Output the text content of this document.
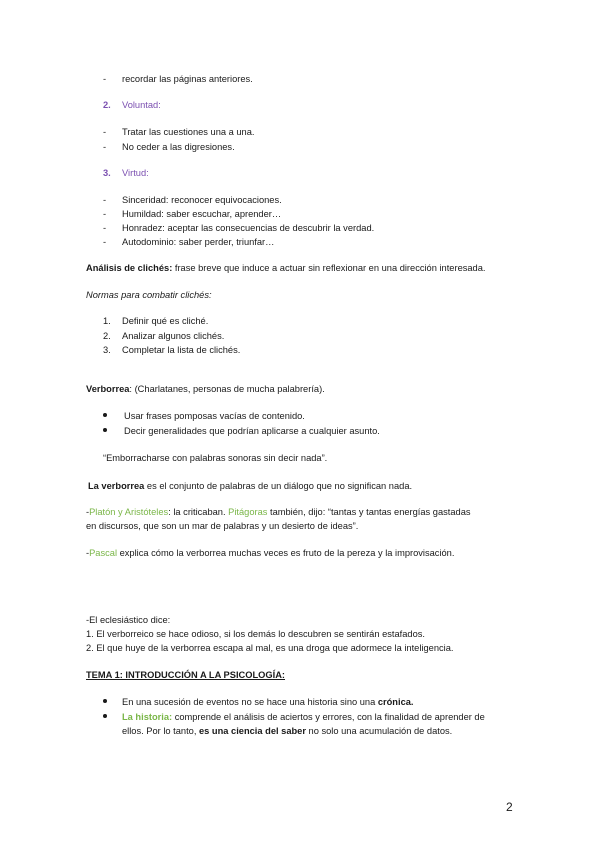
- recordar las páginas anteriores.
2. Voluntad:
- Tratar las cuestiones una a una.
- No ceder a las digresiones.
3. Virtud:
- Sinceridad: reconocer equivocaciones.
- Humildad: saber escuchar, aprender…
- Honradez: aceptar las consecuencias de descubrir la verdad.
- Autodominio: saber perder, triunfar…
Análisis de clichés: frase breve que induce a actuar sin reflexionar en una dirección interesada.
Normas para combatir clichés:
1. Definir qué es cliché.
2. Analizar algunos clichés.
3. Completar la lista de clichés.
Verborrea: (Charlatanes, personas de mucha palabrería).
Usar frases pomposas vacías de contenido.
Decir generalidades que podrían aplicarse a cualquier asunto.
“Emborracharse con palabras sonoras sin decir nada”.
La verborrea es el conjunto de palabras de un diálogo que no significan nada.
-Platón y Aristóteles: la criticaban. Pitágoras también, dijo: “tantas y tantas energías gastadas
en discursos, que son un mar de palabras y un desierto de ideas”.
-Pascal explica cómo la verborrea muchas veces es fruto de la pereza y la improvisación.
-El eclesiástico dice:
1. El verborreico se hace odioso, si los demás lo descubren se sentirán estafados.
2. El que huye de la verborrea escapa al mal, es una droga que adormece la inteligencia.
TEMA 1: INTRODUCCIÓN A LA PSICOLOGÍA:
En una sucesión de eventos no se hace una historia sino una crónica.
La historia: comprende el análisis de aciertos y errores, con la finalidad de aprender de
ellos. Por lo tanto, es una ciencia del saber no solo una acumulación de datos.
2
